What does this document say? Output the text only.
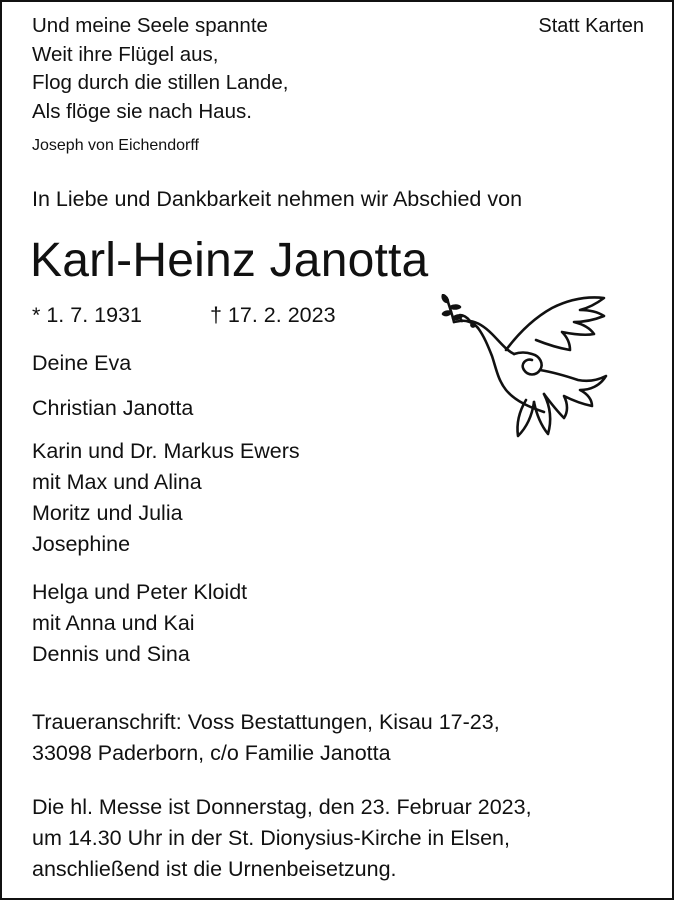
Und meine Seele spannte
Weit ihre Flügel aus,
Flog durch die stillen Lande,
Als flöge sie nach Haus.
Joseph von Eichendorff
Statt Karten
In Liebe und Dankbarkeit nehmen wir Abschied von
Karl-Heinz Janotta
* 1. 7. 1931	† 17. 2. 2023
Deine Eva
Christian Janotta
Karin und Dr. Markus Ewers
mit Max und Alina
Moritz und Julia
Josephine
Helga und Peter Kloidt
mit Anna und Kai
Dennis und Sina
Traueranschrift: Voss Bestattungen, Kisau 17-23,
33098 Paderborn, c/o Familie Janotta
Die hl. Messe ist Donnerstag, den 23. Februar 2023,
um 14.30 Uhr in der St. Dionysius-Kirche in Elsen,
anschließend ist die Urnenbeisetzung.
